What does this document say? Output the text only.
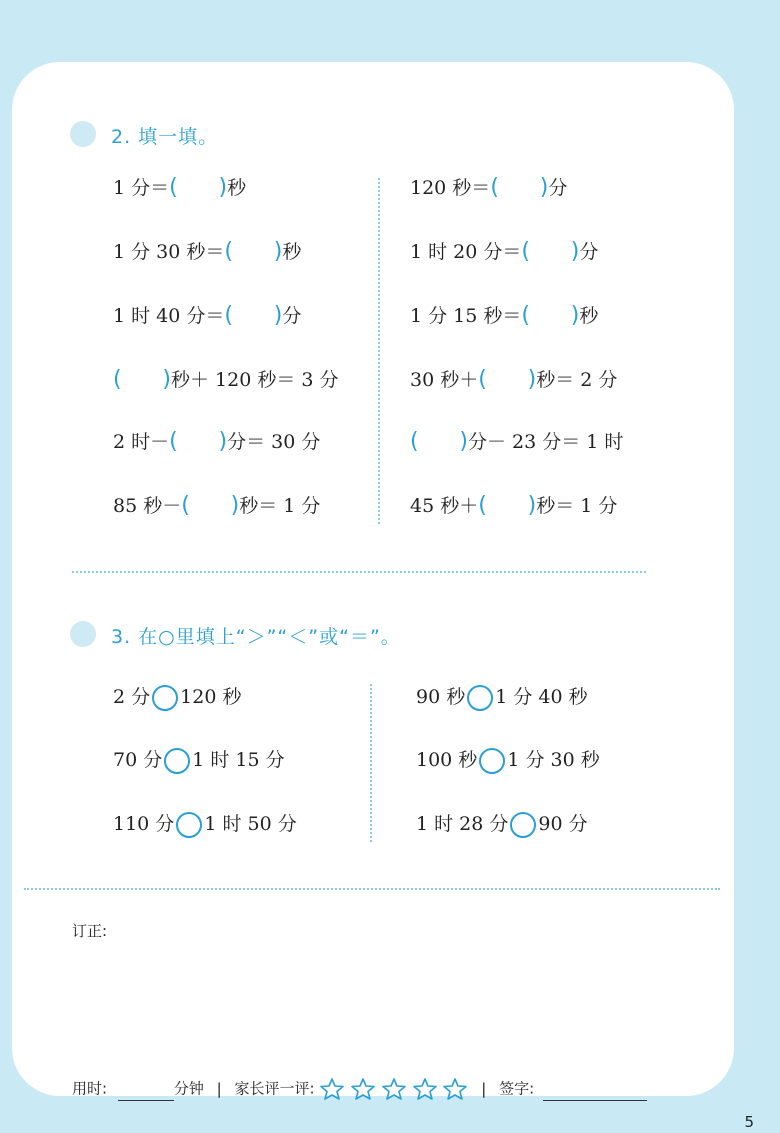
2. 填一填。
1 分＝ ( ) 秒
1 分 30 秒＝ ( ) 秒
1 时 40 分＝ ( ) 分
( ) 秒＋ 120 秒＝ 3 分
2 时－ ( ) 分＝ 30 分
85 秒－ ( ) 秒＝ 1 分
120 秒＝ ( ) 分
1 时 20 分＝ ( ) 分
1 分 15 秒＝ ( ) 秒
30 秒＋ ( ) 秒＝ 2 分
( ) 分－ 23 分＝ 1 时
45 秒＋ ( ) 秒＝ 1 分
3. 在○里填上“＞”“＜”或“＝”。
2 分 120 秒
70 分 1 时 15 分
110 分 1 时 50 分
90 秒 1 分 40 秒
100 秒 1 分 30 秒
1 时 28 分 90 分
订正:
用时:	分钟 | 家长评一评:	| 签字:
5
